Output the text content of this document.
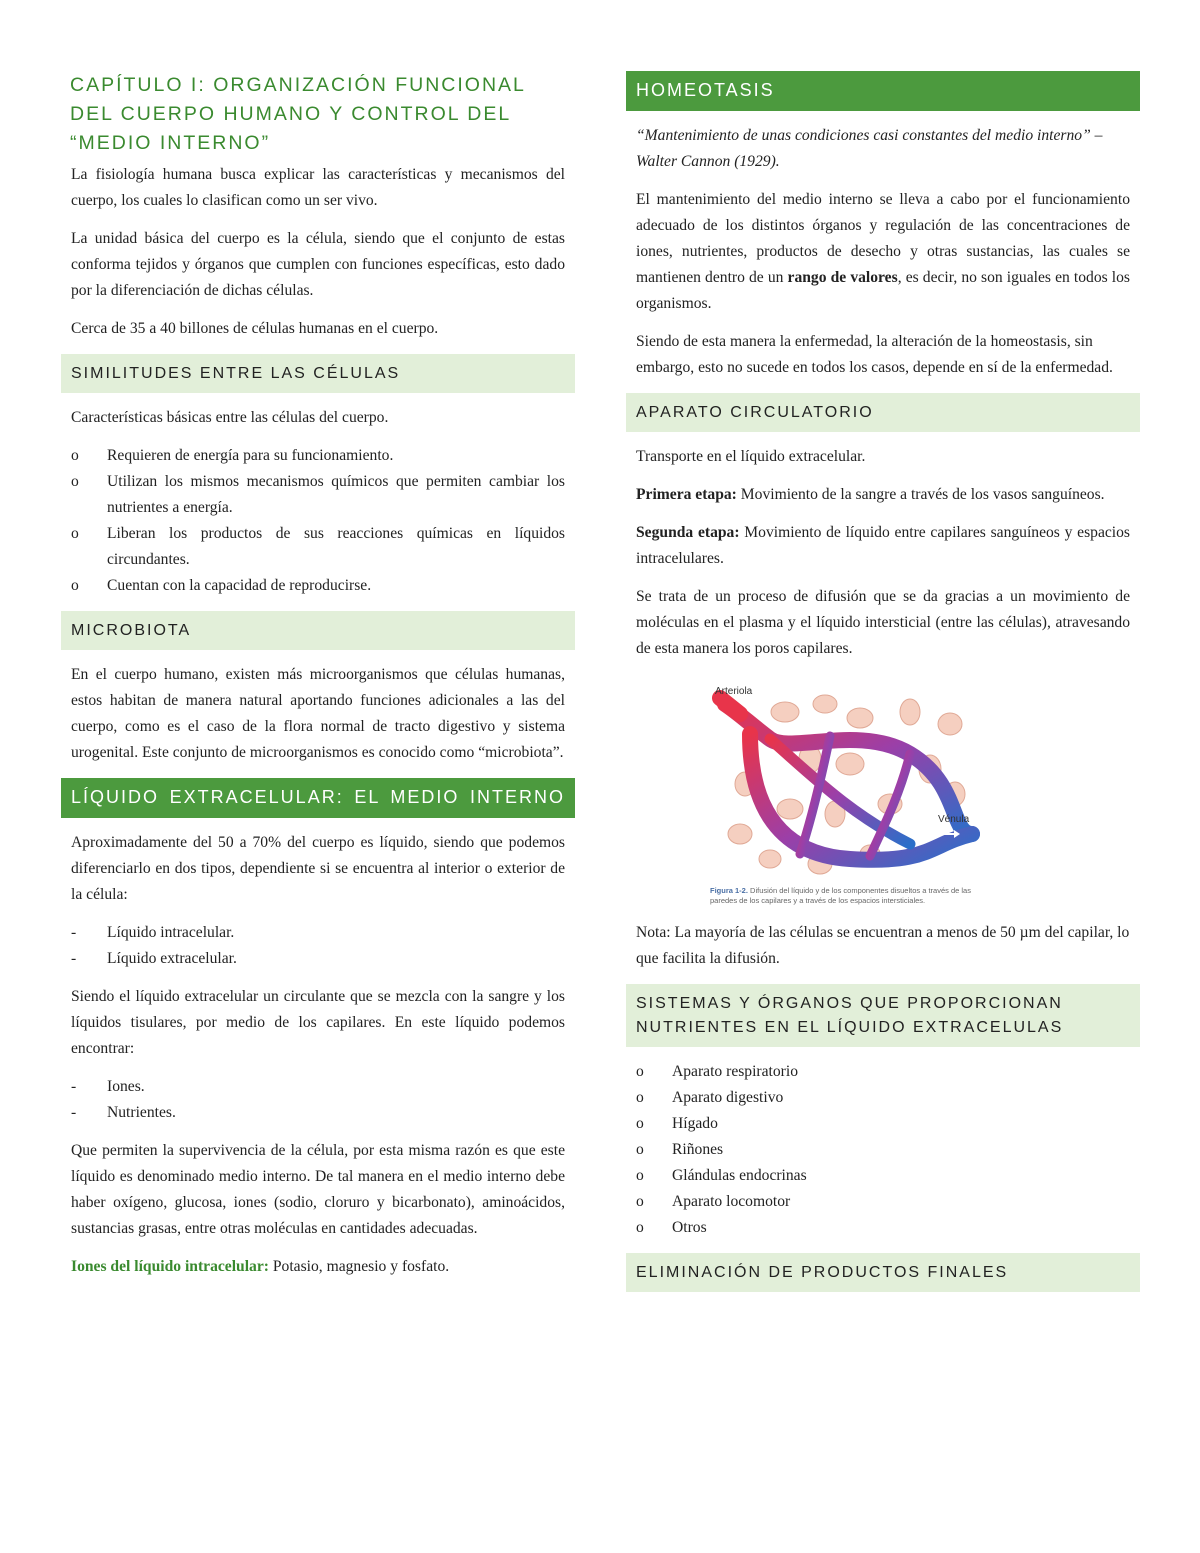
CAPÍTULO I: ORGANIZACIÓN FUNCIONAL DEL CUERPO HUMANO Y CONTROL DEL “MEDIO INTERNO”

La fisiología humana busca explicar las características y mecanismos del cuerpo, los cuales lo clasifican como un ser vivo.

La unidad básica del cuerpo es la célula, siendo que el conjunto de estas conforma tejidos y órganos que cumplen con funciones específicas, esto dado por la diferenciación de dichas células.

Cerca de 35 a 40 billones de células humanas en el cuerpo.

SIMILITUDES ENTRE LAS CÉLULAS

Características básicas entre las células del cuerpo.

o Requieren de energía para su funcionamiento.
o Utilizan los mismos mecanismos químicos que permiten cambiar los nutrientes a energía.
o Liberan los productos de sus reacciones químicas en líquidos circundantes.
o Cuentan con la capacidad de reproducirse.
MICROBIOTA

En el cuerpo humano, existen más microorganismos que células humanas, estos habitan de manera natural aportando funciones adicionales a las del cuerpo, como es el caso de la flora normal de tracto digestivo y sistema urogenital. Este conjunto de microorganismos es conocido como “microbiota”.

LÍQUIDO EXTRACELULAR: EL MEDIO INTERNO

Aproximadamente del 50 a 70% del cuerpo es líquido, siendo que podemos diferenciarlo en dos tipos, dependiente si se encuentra al interior o exterior de la célula:

- Líquido intracelular.
- Líquido extracelular.

Siendo el líquido extracelular un circulante que se mezcla con la sangre y los líquidos tisulares, por medio de los capilares. En este líquido podemos encontrar:

- Iones.
- Nutrientes.

Que permiten la supervivencia de la célula, por esta misma razón es que este líquido es denominado medio interno. De tal manera en el medio interno debe haber oxígeno, glucosa, iones (sodio, cloruro y bicarbonato), aminoácidos, sustancias grasas, entre otras moléculas en cantidades adecuadas.

Iones del líquido intracelular: Potasio, magnesio y fosfato.

HOMEOTASIS

“Mantenimiento de unas condiciones casi constantes del medio interno” – Walter Cannon (1929).

El mantenimiento del medio interno se lleva a cabo por el funcionamiento adecuado de los distintos órganos y regulación de las concentraciones de iones, nutrientes, productos de desecho y otras sustancias, las cuales se mantienen dentro de un rango de valores, es decir, no son iguales en todos los organismos.

Siendo de esta manera la enfermedad, la alteración de la homeostasis, sin embargo, esto no sucede en todos los casos, depende en sí de la enfermedad.

APARATO CIRCULATORIO

Transporte en el líquido extracelular.

Primera etapa: Movimiento de la sangre a través de los vasos sanguíneos.

Segunda etapa: Movimiento de líquido entre capilares sanguíneos y espacios intracelulares.

Se trata de un proceso de difusión que se da gracias a un movimiento de moléculas en el plasma y el líquido intersticial (entre las células), atravesando de esta manera los poros capilares.

Arteriola
Vénula
Figura 1-2. Difusión del líquido y de los componentes disueltos a través de las paredes de los capilares y a través de los espacios intersticiales.

Nota: La mayoría de las células se encuentran a menos de 50 µm del capilar, lo que facilita la difusión.

SISTEMAS Y ÓRGANOS QUE PROPORCIONAN NUTRIENTES EN EL LÍQUIDO EXTRACELULAS
o Aparato respiratorio
o Aparato digestivo
o Hígado
o Riñones
o Glándulas endocrinas
o Aparato locomotor
o Otros
ELIMINACIÓN DE PRODUCTOS FINALES
